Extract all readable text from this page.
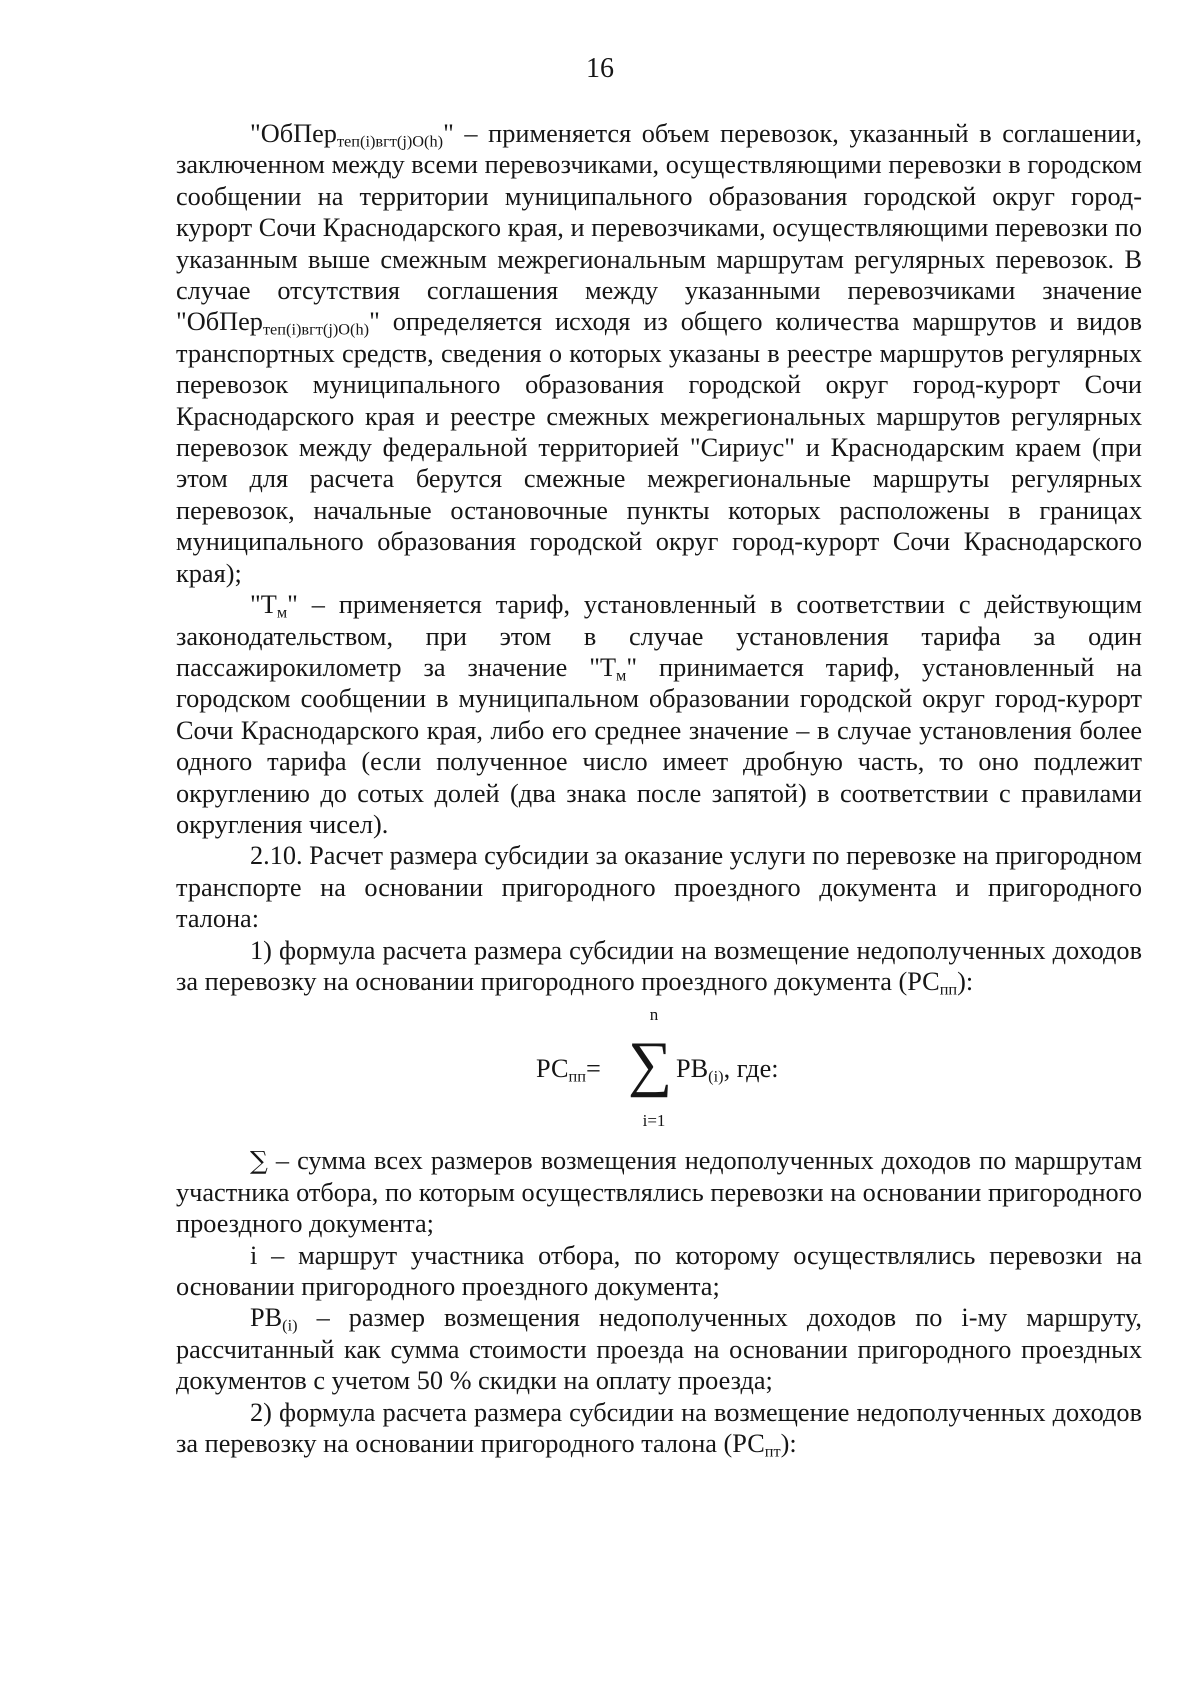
16

"ОбПер$_{теп(i)вгт(j)O(h)}$" – применяется объем перевозок, указанный в соглашении, заключенном между всеми перевозчиками, осуществляющими перевозки в городском сообщении на территории муниципального образования городской округ город-курорт Сочи Краснодарского края, и перевозчиками, осуществляющими перевозки по указанным выше смежным межрегиональным маршрутам регулярных перевозок. В случае отсутствия соглашения между указанными перевозчиками значение "ОбПер$_{теп(i)вгт(j)O(h)}$" определяется исходя из общего количества маршрутов и видов транспортных средств, сведения о которых указаны в реестре маршрутов регулярных перевозок муниципального образования городской округ город-курорт Сочи Краснодарского края и реестре смежных межрегиональных маршрутов регулярных перевозок между федеральной территорией "Сириус" и Краснодарским краем (при этом для расчета берутся смежные межрегиональные маршруты регулярных перевозок, начальные остановочные пункты которых расположены в границах муниципального образования городской округ город-курорт Сочи Краснодарского края);

"$Т_м$" – применяется тариф, установленный в соответствии с действующим законодательством, при этом в случае установления тарифа за один пассажирокилометр за значение "$Т_м$" принимается тариф, установленный на городском сообщении в муниципальном образовании городской округ город-курорт Сочи Краснодарского края, либо его среднее значение – в случае установления более одного тарифа (если полученное число имеет дробную часть, то оно подлежит округлению до сотых долей (два знака после запятой) в соответствии с правилами округления чисел).

2.10. Расчет размера субсидии за оказание услуги по перевозке на пригородном транспорте на основании пригородного проездного документа и пригородного талона:

1) формула расчета размера субсидии на возмещение недополученных доходов за перевозку на основании пригородного проездного документа $(РС_{пп})$:

$РС_{пп}=$
n
∑
i=1
$РВ_{(i)}$, где:

∑ – сумма всех размеров возмещения недополученных доходов по маршрутам участника отбора, по которым осуществлялись перевозки на основании пригородного проездного документа;

i – маршрут участника отбора, по которому осуществлялись перевозки на основании пригородного проездного документа;

$РВ_{(i)}$ – размер возмещения недополученных доходов по i-му маршруту, рассчитанный как сумма стоимости проезда на основании пригородного проездных документов с учетом 50 % скидки на оплату проезда;

2) формула расчета размера субсидии на возмещение недополученных доходов за перевозку на основании пригородного талона $(РС_{пт})$:
